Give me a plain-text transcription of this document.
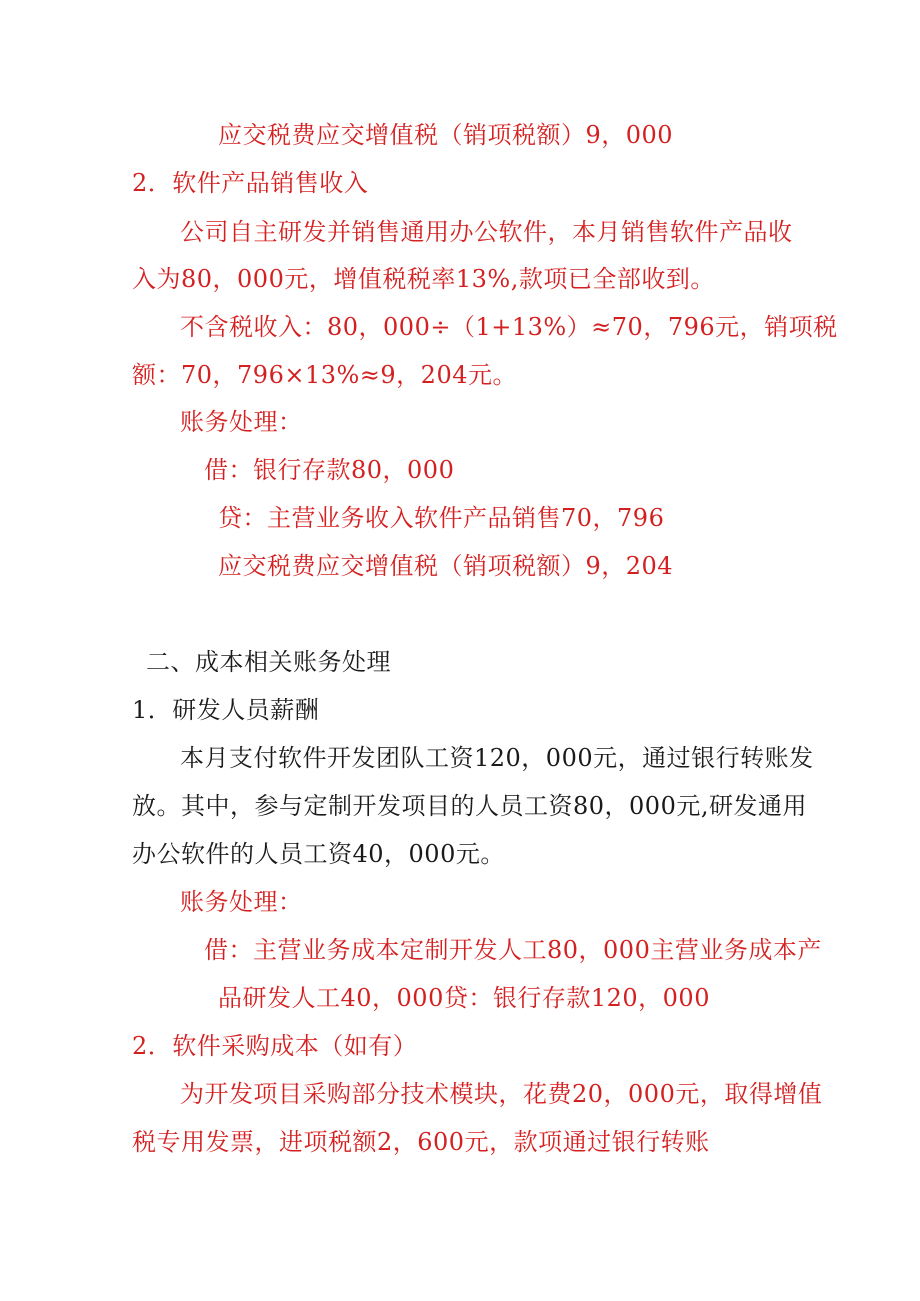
应交税费应交增值税（销项税额）9，000
2．软件产品销售收入
公司自主研发并销售通用办公软件，本月销售软件产品收
入为80，000元，增值税税率13%,款项已全部收到。
不含税收入：80，000÷（1+13%）≈70，796元，销项税
额：70，796×13%≈9，204元。
账务处理：
借：银行存款80，000
贷：主营业务收入软件产品销售70，796
应交税费应交增值税（销项税额）9，204
二、成本相关账务处理
1．研发人员薪酬
本月支付软件开发团队工资120，000元，通过银行转账发
放。其中，参与定制开发项目的人员工资80，000元,研发通用
办公软件的人员工资40，000元。
账务处理：
借：主营业务成本定制开发人工80，000主营业务成本产
品研发人工40，000贷：银行存款120，000
2．软件采购成本（如有）
为开发项目采购部分技术模块，花费20，000元，取得增值
税专用发票，进项税额2，600元，款项通过银行转账
